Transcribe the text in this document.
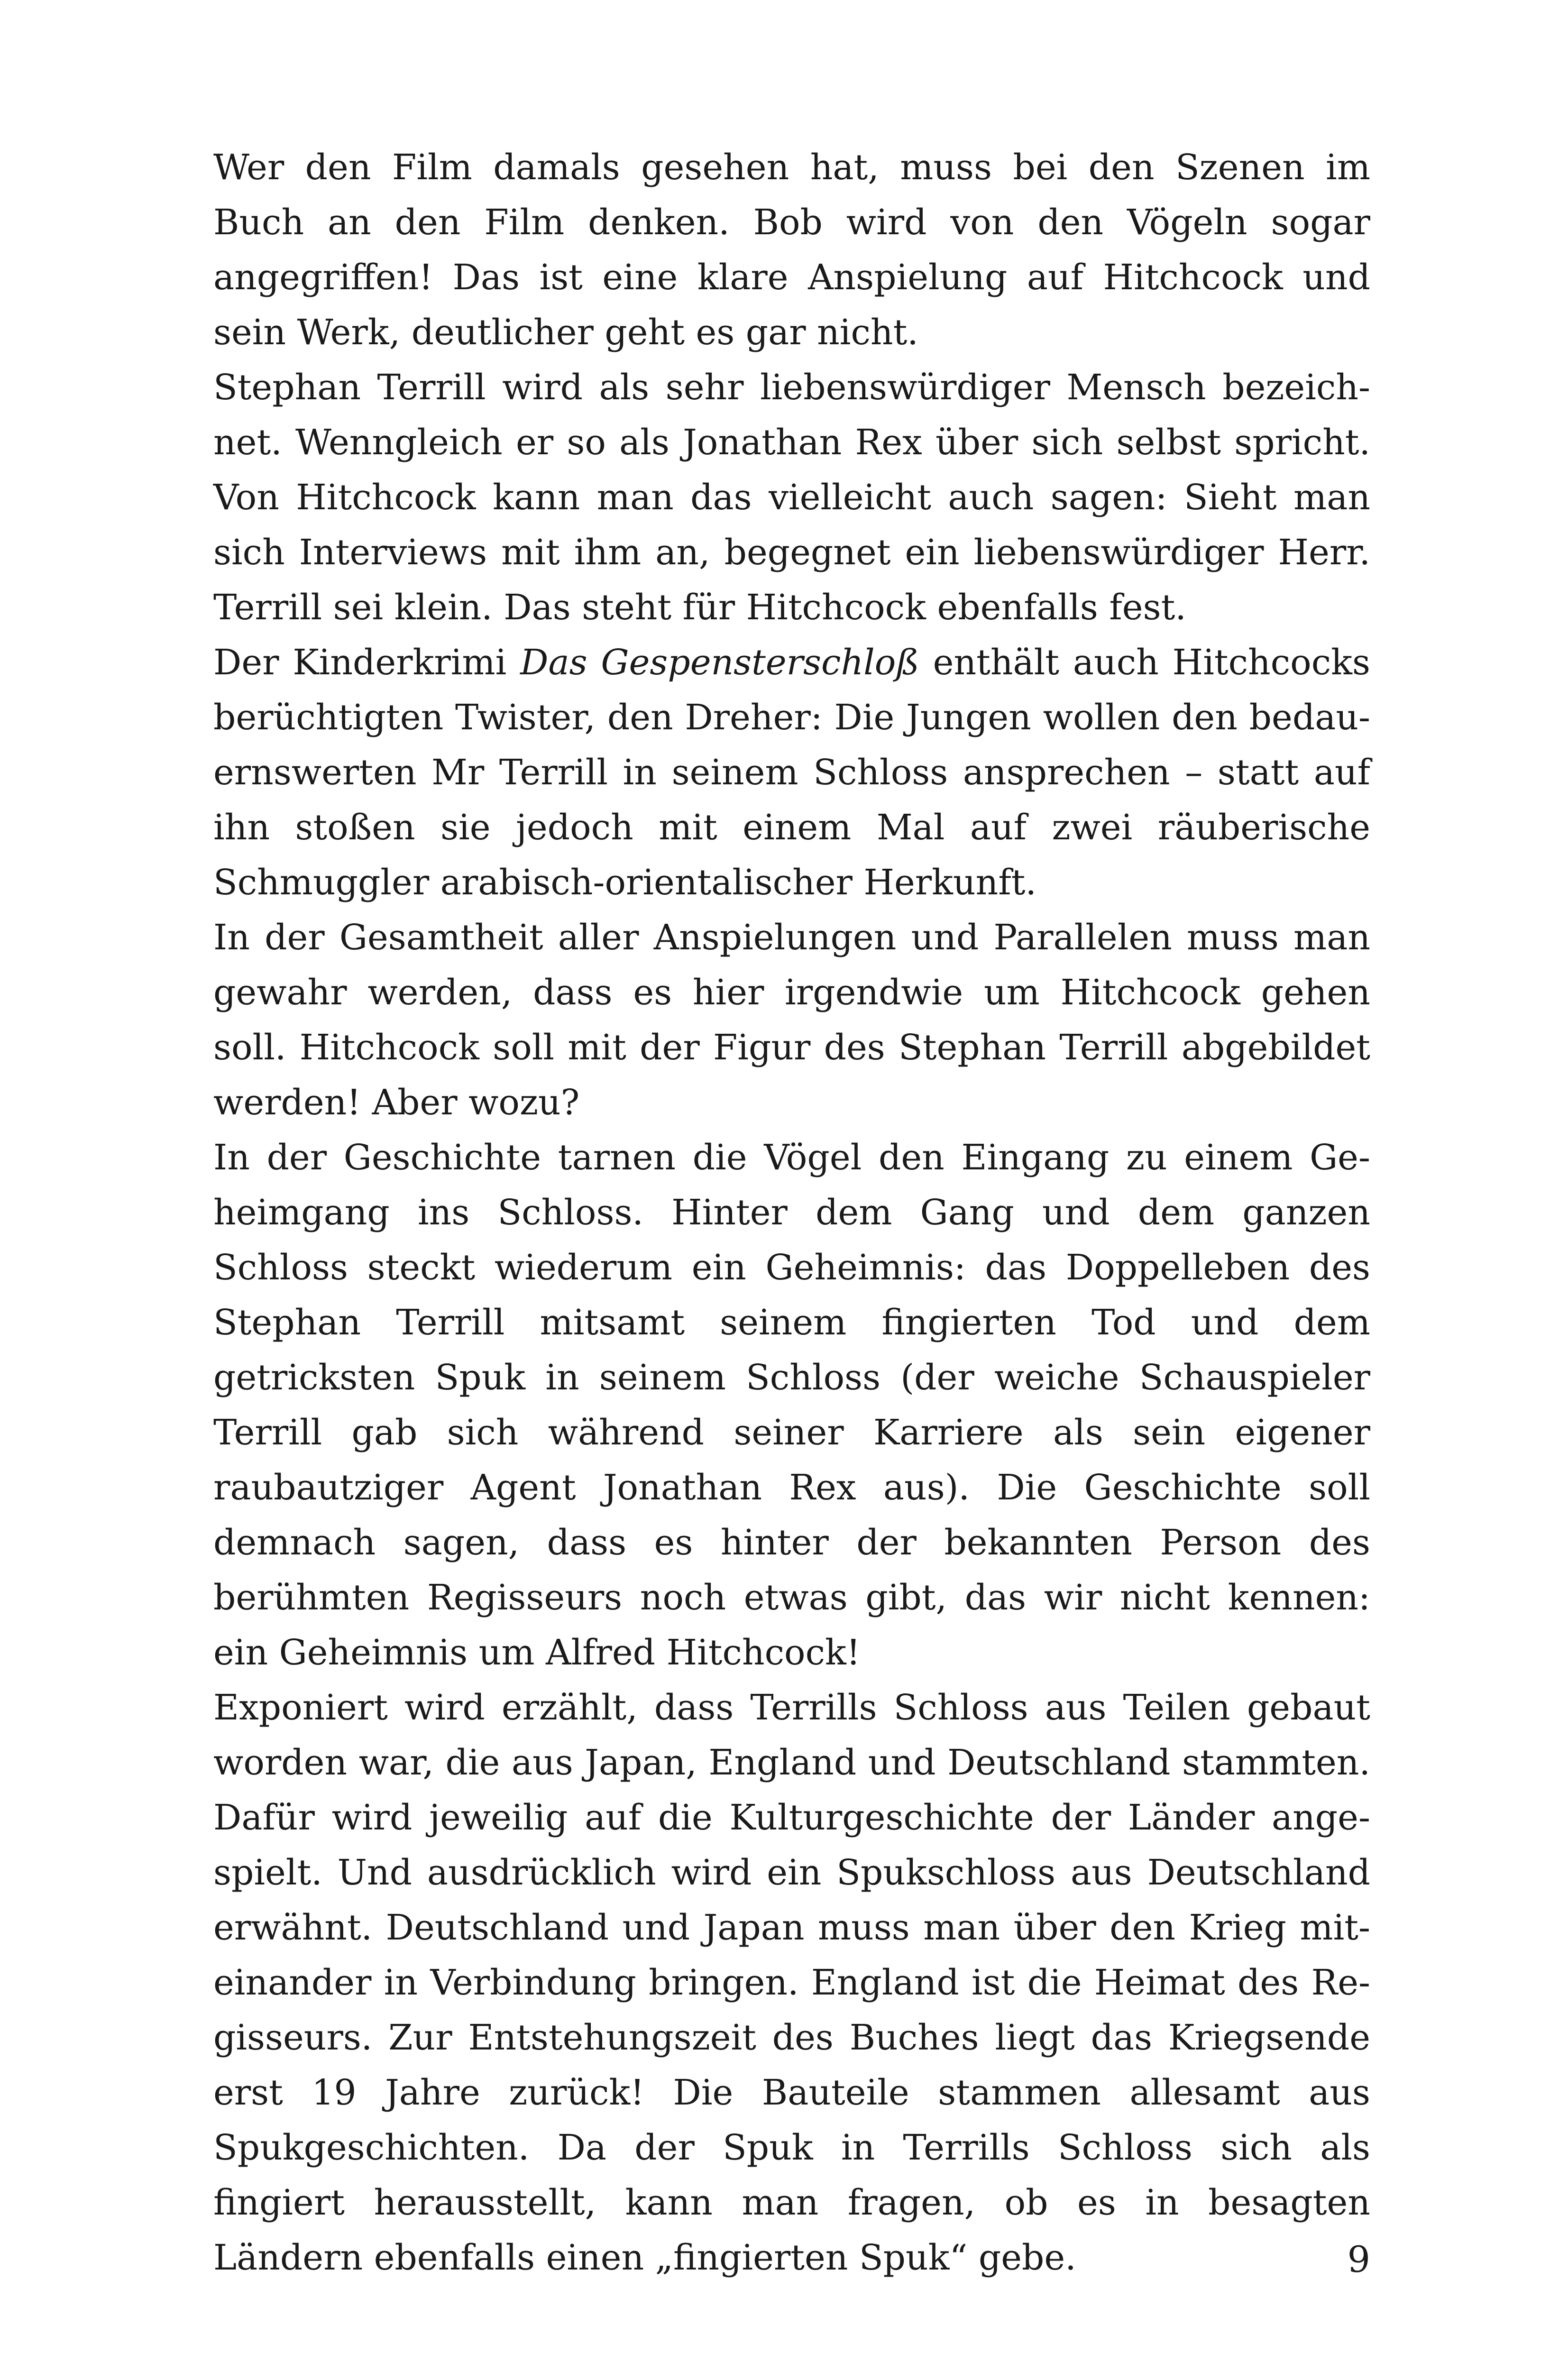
Wer den Film damals gesehen hat, muss bei den Szenen im Buch an den Film denken. Bob wird von den Vögeln sogar angegriffen! Das ist eine klare Anspielung auf Hitchcock und sein Werk, deutlicher geht es gar nicht.

Stephan Terrill wird als sehr liebenswürdiger Mensch bezeichnet. Wenngleich er so als Jonathan Rex über sich selbst spricht. Von Hitchcock kann man das vielleicht auch sagen: Sieht man sich Interviews mit ihm an, begegnet ein liebenswürdiger Herr. Terrill sei klein. Das steht für Hitchcock ebenfalls fest.

Der Kinderkrimi Das Gespensterschloß enthält auch Hitchcocks berüchtigten Twister, den Dreher: Die Jungen wollen den bedauernswerten Mr Terrill in seinem Schloss ansprechen – statt auf ihn stoßen sie jedoch mit einem Mal auf zwei räuberische Schmuggler arabisch-orientalischer Herkunft.

In der Gesamtheit aller Anspielungen und Parallelen muss man gewahr werden, dass es hier irgendwie um Hitchcock gehen soll. Hitchcock soll mit der Figur des Stephan Terrill abgebildet werden! Aber wozu?

In der Geschichte tarnen die Vögel den Eingang zu einem Geheimgang ins Schloss. Hinter dem Gang und dem ganzen Schloss steckt wiederum ein Geheimnis: das Doppelleben des Stephan Terrill mitsamt seinem fingierten Tod und dem getricksten Spuk in seinem Schloss (der weiche Schauspieler Terrill gab sich während seiner Karriere als sein eigener raubautziger Agent Jonathan Rex aus). Die Geschichte soll demnach sagen, dass es hinter der bekannten Person des berühmten Regisseurs noch etwas gibt, das wir nicht kennen: ein Geheimnis um Alfred Hitchcock!

Exponiert wird erzählt, dass Terrills Schloss aus Teilen gebaut worden war, die aus Japan, England und Deutschland stammten. Dafür wird jeweilig auf die Kulturgeschichte der Länder angespielt. Und ausdrücklich wird ein Spukschloss aus Deutschland erwähnt. Deutschland und Japan muss man über den Krieg miteinander in Verbindung bringen. England ist die Heimat des Regisseurs. Zur Entstehungszeit des Buches liegt das Kriegsende erst 19 Jahre zurück! Die Bauteile stammen allesamt aus Spukgeschichten. Da der Spuk in Terrills Schloss sich als fingiert herausstellt, kann man fragen, ob es in besagten Ländern ebenfalls einen „fingierten Spuk“ gebe.	9
